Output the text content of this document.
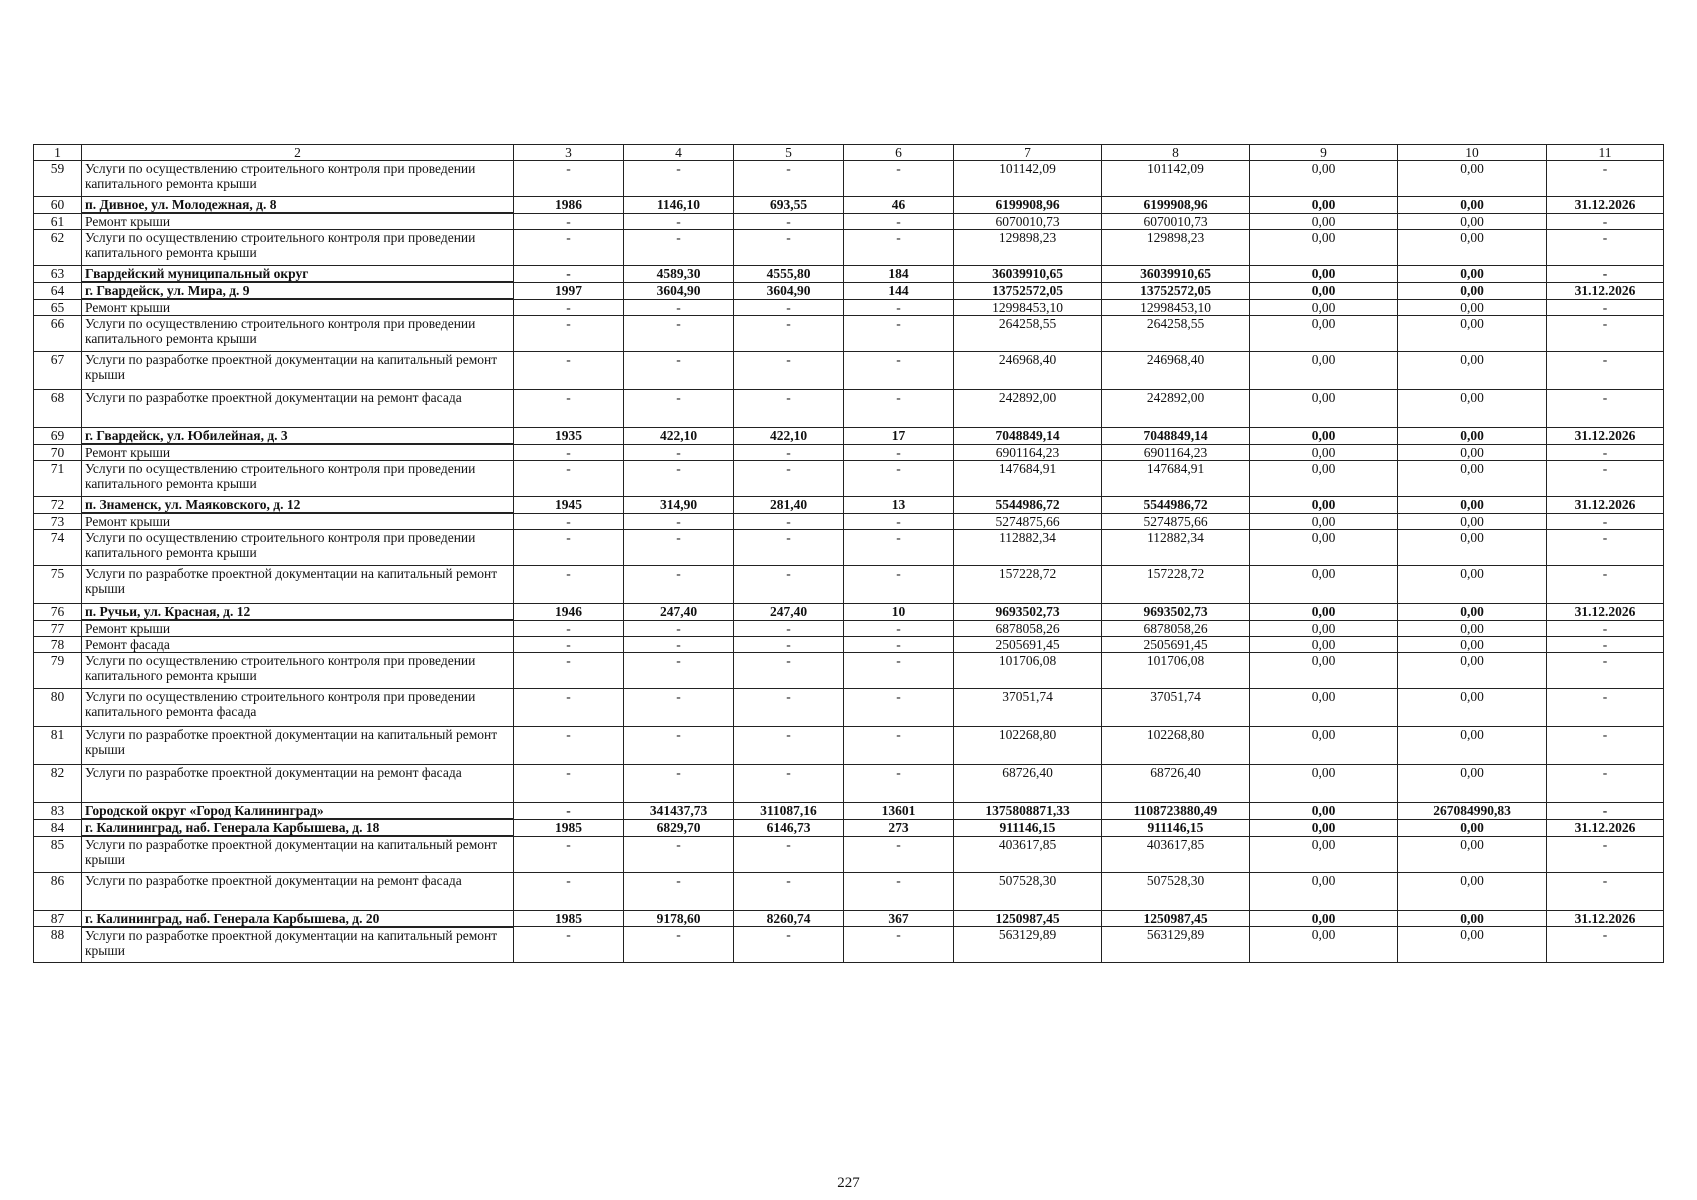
1	2	3	4	5	6	7	8	9	10	11
59	Услуги по осуществлению строительного контроля при проведении капитального ремонта крыши	-	-	-	-	101142,09	101142,09	0,00	0,00	-
60	п. Дивное, ул. Молодежная, д. 8	1986	1146,10	693,55	46	6199908,96	6199908,96	0,00	0,00	31.12.2026
61	Ремонт крыши	-	-	-	-	6070010,73	6070010,73	0,00	0,00	-
62	Услуги по осуществлению строительного контроля при проведении капитального ремонта крыши	-	-	-	-	129898,23	129898,23	0,00	0,00	-
63	Гвардейский муниципальный округ	-	4589,30	4555,80	184	36039910,65	36039910,65	0,00	0,00	-
64	г. Гвардейск, ул. Мира, д. 9	1997	3604,90	3604,90	144	13752572,05	13752572,05	0,00	0,00	31.12.2026
65	Ремонт крыши	-	-	-	-	12998453,10	12998453,10	0,00	0,00	-
66	Услуги по осуществлению строительного контроля при проведении капитального ремонта крыши	-	-	-	-	264258,55	264258,55	0,00	0,00	-
67	Услуги по разработке проектной документации на капитальный ремонт крыши	-	-	-	-	246968,40	246968,40	0,00	0,00	-
68	Услуги по разработке проектной документации на ремонт фасада	-	-	-	-	242892,00	242892,00	0,00	0,00	-
69	г. Гвардейск, ул. Юбилейная, д. 3	1935	422,10	422,10	17	7048849,14	7048849,14	0,00	0,00	31.12.2026
70	Ремонт крыши	-	-	-	-	6901164,23	6901164,23	0,00	0,00	-
71	Услуги по осуществлению строительного контроля при проведении капитального ремонта крыши	-	-	-	-	147684,91	147684,91	0,00	0,00	-
72	п. Знаменск, ул. Маяковского, д. 12	1945	314,90	281,40	13	5544986,72	5544986,72	0,00	0,00	31.12.2026
73	Ремонт крыши	-	-	-	-	5274875,66	5274875,66	0,00	0,00	-
74	Услуги по осуществлению строительного контроля при проведении капитального ремонта крыши	-	-	-	-	112882,34	112882,34	0,00	0,00	-
75	Услуги по разработке проектной документации на капитальный ремонт крыши	-	-	-	-	157228,72	157228,72	0,00	0,00	-
76	п. Ручьи, ул. Красная, д. 12	1946	247,40	247,40	10	9693502,73	9693502,73	0,00	0,00	31.12.2026
77	Ремонт крыши	-	-	-	-	6878058,26	6878058,26	0,00	0,00	-
78	Ремонт фасада	-	-	-	-	2505691,45	2505691,45	0,00	0,00	-
79	Услуги по осуществлению строительного контроля при проведении капитального ремонта крыши	-	-	-	-	101706,08	101706,08	0,00	0,00	-
80	Услуги по осуществлению строительного контроля при проведении капитального ремонта фасада	-	-	-	-	37051,74	37051,74	0,00	0,00	-
81	Услуги по разработке проектной документации на капитальный ремонт крыши	-	-	-	-	102268,80	102268,80	0,00	0,00	-
82	Услуги по разработке проектной документации на ремонт фасада	-	-	-	-	68726,40	68726,40	0,00	0,00	-
83	Городской округ «Город Калининград»	-	341437,73	311087,16	13601	1375808871,33	1108723880,49	0,00	267084990,83	-
84	г. Калининград, наб. Генерала Карбышева, д. 18	1985	6829,70	6146,73	273	911146,15	911146,15	0,00	0,00	31.12.2026
85	Услуги по разработке проектной документации на капитальный ремонт крыши	-	-	-	-	403617,85	403617,85	0,00	0,00	-
86	Услуги по разработке проектной документации на ремонт фасада	-	-	-	-	507528,30	507528,30	0,00	0,00	-
87	г. Калининград, наб. Генерала Карбышева, д. 20	1985	9178,60	8260,74	367	1250987,45	1250987,45	0,00	0,00	31.12.2026
88	Услуги по разработке проектной документации на капитальный ремонт крыши	-	-	-	-	563129,89	563129,89	0,00	0,00	-
227
